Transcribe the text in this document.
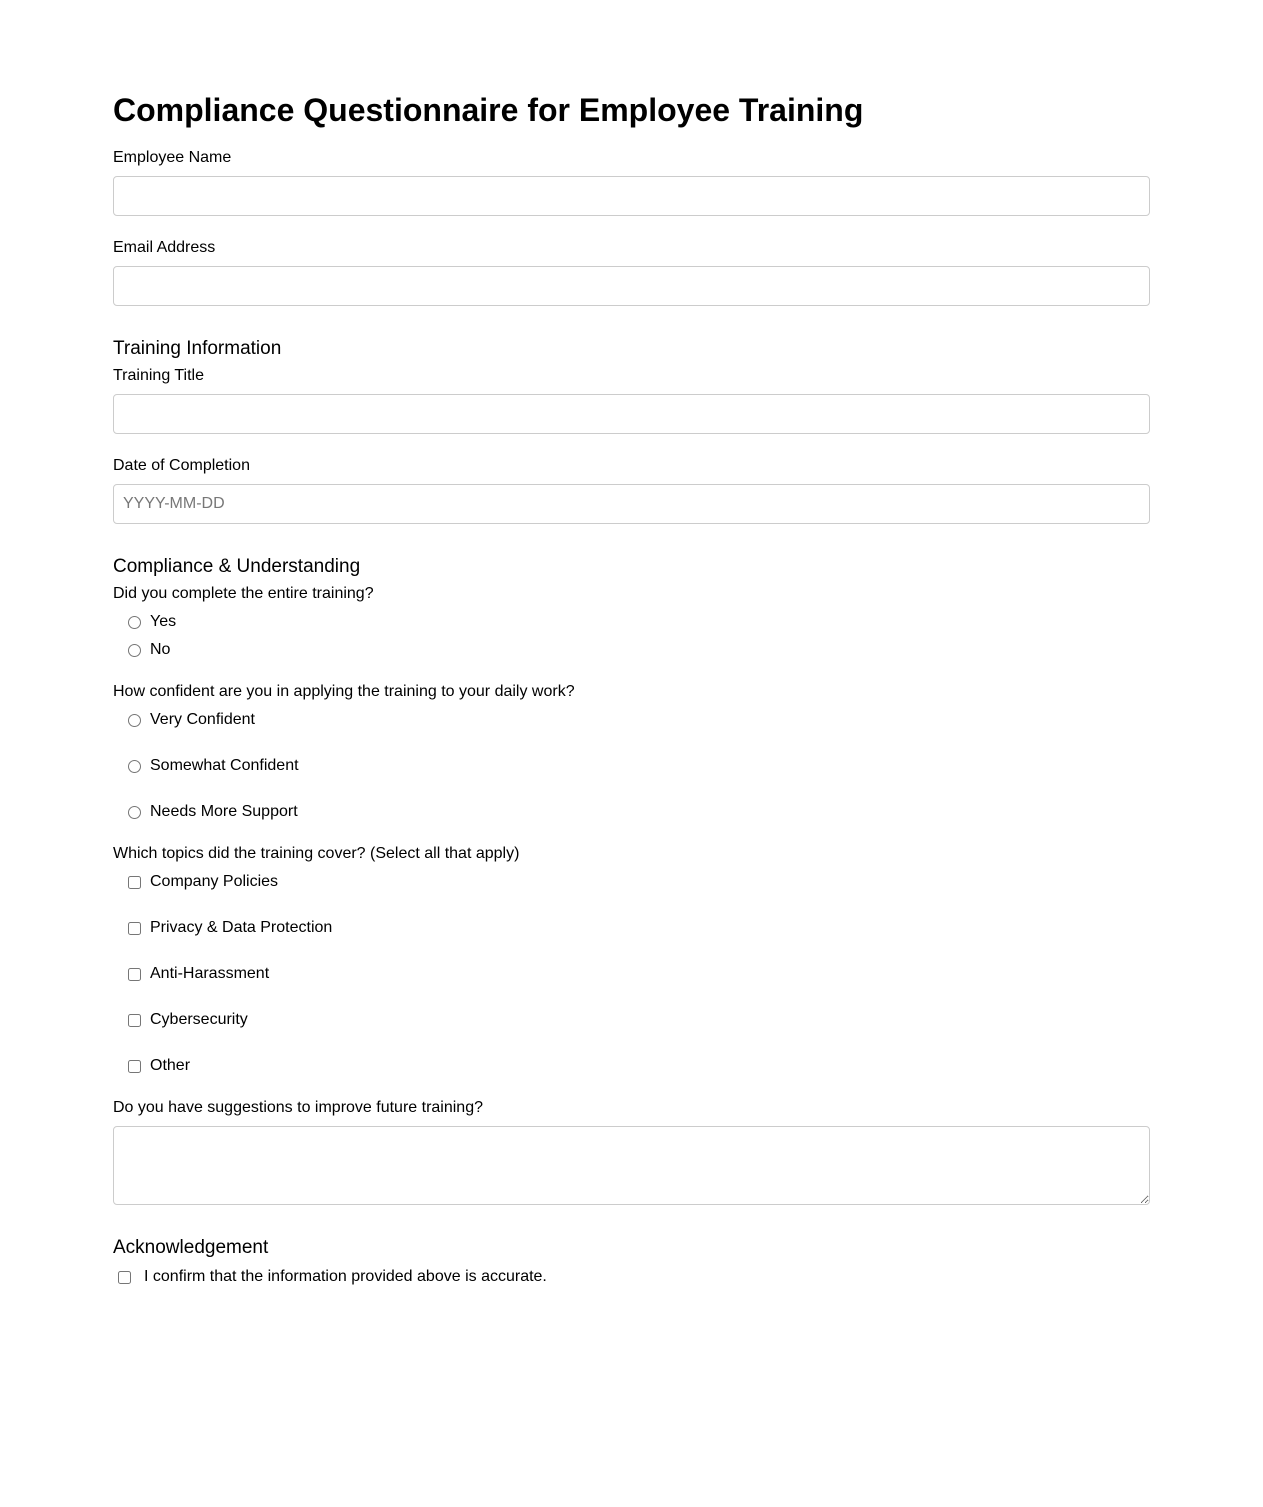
Compliance Questionnaire for Employee Training
Employee Name
Email Address
Training Information
Training Title
Date of Completion
YYYY-MM-DD
Compliance & Understanding
Did you complete the entire training?
Yes
No
How confident are you in applying the training to your daily work?
Very Confident
Somewhat Confident
Needs More Support
Which topics did the training cover? (Select all that apply)
Company Policies
Privacy & Data Protection
Anti-Harassment
Cybersecurity
Other
Do you have suggestions to improve future training?
Acknowledgement
I confirm that the information provided above is accurate.
